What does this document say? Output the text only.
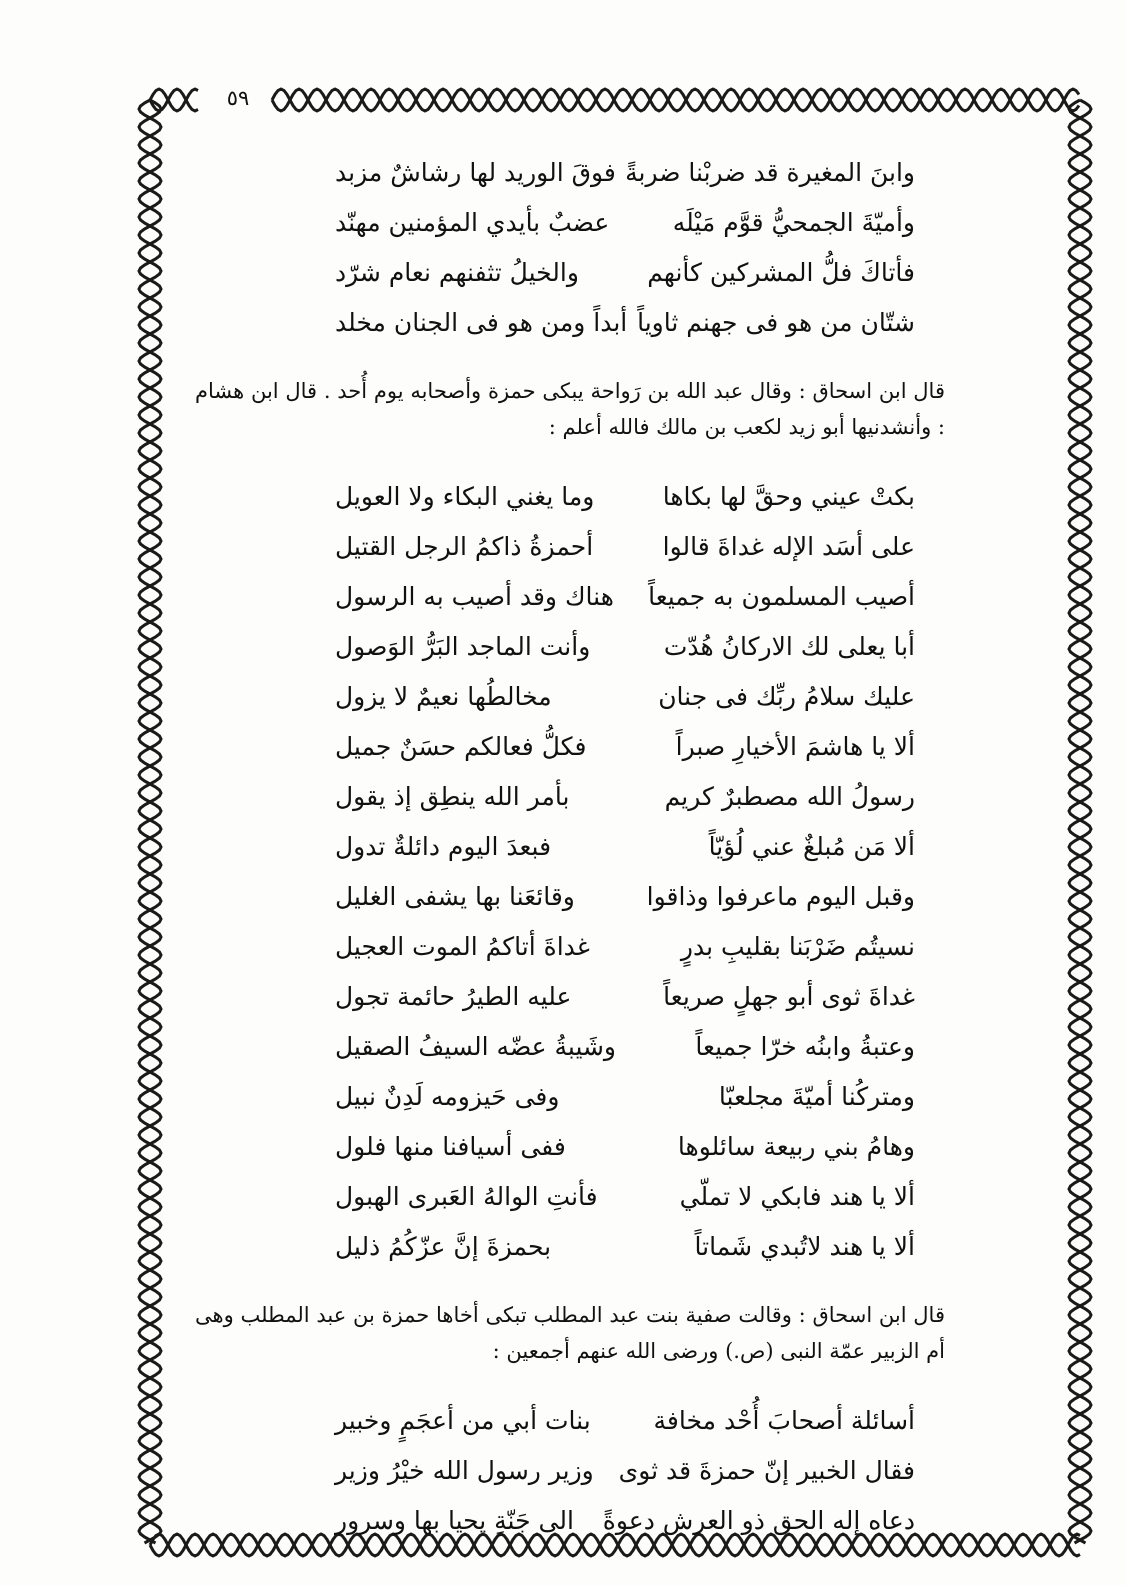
٥٩
وابنَ المغيرة قد ضربْنا ضربةً
فوقَ الوريد لها رشاشٌ مزبد
وأميّةَ الجمحيُّ قوَّم مَيْلَه
عضبٌ بأيدي المؤمنين مهنّد
فأتاكَ فلُّ المشركين كأنهم
والخيلُ تثفنهم نعام شرّد
شتّان من هو فى جهنم ثاوياً
أبداً ومن هو فى الجنان مخلد

قال ابن اسحاق : وقال عبد الله بن رَواحة يبكى حمزة وأصحابه يوم أُحد . قال ابن هشام : وأنشدنيها أبو زيد لكعب بن مالك فالله أعلم :

بكتْ عيني وحقَّ لها بكاها
وما يغني البكاء ولا العويل
على أسَد الإله غداةَ قالوا
أحمزةُ ذاكمُ الرجل القتيل
أصيب المسلمون به جميعاً
هناك وقد أصيب به الرسول
أبا يعلى لك الاركانُ هُدّت
وأنت الماجد البَرُّ الوَصول
عليك سلامُ ربِّك فى جنان
مخالطُها نعيمٌ لا يزول
ألا يا هاشمَ الأخيارِ صبراً
فكلُّ فعالكم حسَنٌ جميل
رسولُ الله مصطبرٌ كريم
بأمر الله ينطِق إذ يقول
ألا مَن مُبلغٌ عني لُؤيّاً
فبعدَ اليوم دائلةٌ تدول
وقبل اليوم ماعرفوا وذاقوا
وقائعَنا بها يشفى الغليل
نسيتُم ضَرْبَنا بقليبِ بدرٍ
غداةَ أتاكمُ الموت العجيل
غداةَ ثوى أبو جهلٍ صريعاً
عليه الطيرُ حائمة تجول
وعتبةُ وابنُه خرّا جميعاً
وشَيبةُ عضّه السيفُ الصقيل
ومتركُنا أميّةَ مجلعبّا
وفى حَيزومه لَدِنٌ نبيل
وهامُ بني ربيعة سائلوها
ففى أسيافنا منها فلول
ألا يا هند فابكي لا تملّي
فأنتِ الوالهُ العَبرى الهبول
ألا يا هند لاتُبدي شَماتاً
بحمزةَ إنَّ عزّكُمُ ذليل

قال ابن اسحاق : وقالت صفية بنت عبد المطلب تبكى أخاها حمزة بن عبد المطلب وهى أم الزبير عمّة النبى (ص.) ورضى الله عنهم أجمعين :

أسائلة أصحابَ أُحْد مخافة
بنات أبي من أعجَمٍ وخبير
فقال الخبير إنّ حمزةَ قد ثوى
وزير رسول الله خيْرُ وزير
دعاه إله الحق ذو العرش دعوةً
الى جَنّةٍ يحيا بها وسرور
